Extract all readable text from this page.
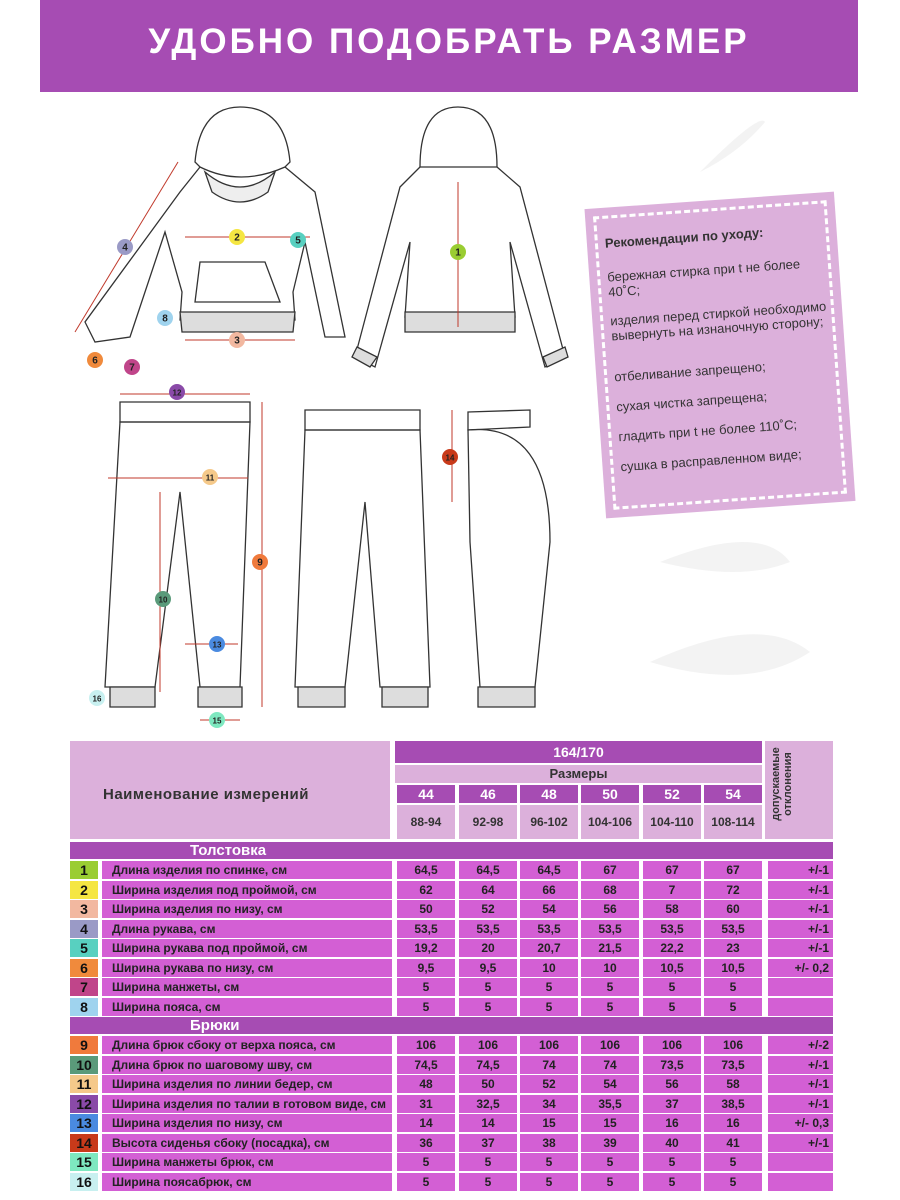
УДОБНО ПОДОБРАТЬ РАЗМЕР
1
2
3
4
5
6
7
8
9
10
11
12
13
14
15
16
Рекомендации по уходу:
бережная стирка при t не более 40˚С;
изделия перед стиркой необходимо вывернуть на изнаночную сторону;
отбеливание запрещено;
сухая чистка запрещена;
гладить при t не более 110˚С;
сушка в расправленном виде;
Наименование измерений
164/170
Размеры
44	46	48	50	52	54
88-94	92-98	96-102	104-106	104-110	108-114
допускаемые отклонения
Толстовка
1	Длина изделия по спинке, см	64,5	64,5	64,5	67	67	67	+/-1
2	Ширина изделия под проймой, см	62	64	66	68	7	72	+/-1
3	Ширина изделия по низу, см	50	52	54	56	58	60	+/-1
4	Длина рукава, см	53,5	53,5	53,5	53,5	53,5	53,5	+/-1
5	Ширина рукава под проймой, см	19,2	20	20,7	21,5	22,2	23	+/-1
6	Ширина рукава по низу, см	9,5	9,5	10	10	10,5	10,5	+/- 0,2
7	Ширина манжеты, см	5	5	5	5	5	5
8	Ширина пояса, см	5	5	5	5	5	5
Брюки
9	Длина брюк сбоку от верха пояса, см	106	106	106	106	106	106	+/-2
10	Длина брюк по шаговому шву, см	74,5	74,5	74	74	73,5	73,5	+/-1
11	Ширина изделия по линии бедер, см	48	50	52	54	56	58	+/-1
12	Ширина изделия по талии в готовом виде, см	31	32,5	34	35,5	37	38,5	+/-1
13	Ширина изделия по низу, см	14	14	15	15	16	16	+/- 0,3
14	Высота сиденья сбоку (посадка), см	36	37	38	39	40	41	+/-1
15	Ширина манжеты брюк, см	5	5	5	5	5	5
16	Ширина поясабрюк, см	5	5	5	5	5	5
